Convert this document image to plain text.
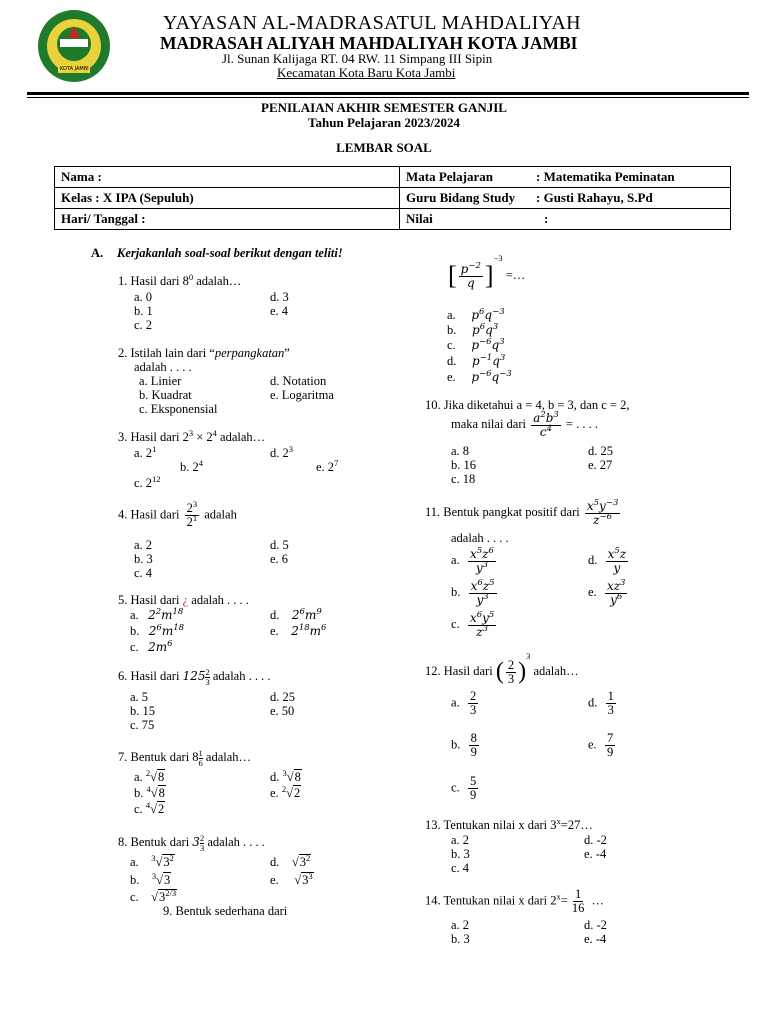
KOTA JAMBI
YAYASAN AL-MADRASATUL MAHDALIYAH
MADRASAH ALIYAH MAHDALIYAH KOTA JAMBI
Jl. Sunan Kalijaga RT. 04 RW. 11 Simpang III Sipin
Kecamatan Kota Baru Kota Jambi
PENILAIAN AKHIR SEMESTER GANJIL
Tahun Pelajaran 2023/2024
LEMBAR SOAL
Nama :	Mata Pelajaran : Matematika Peminatan
Kelas : X IPA (Sepuluh)	Guru Bidang Study : Gusti Rahayu, S.Pd
Hari/ Tanggal :	Nilai :
A. Kerjakanlah soal-soal berikut dengan teliti!
1. Hasil dari $8^0$ adalah…
a. 0
b. 1
c. 2
d. 3
e. 4
2. Istilah lain dari “perpangkatan”
adalah . . . .
a. Linier
b. Kuadrat
c. Eksponensial
d. Notation
e. Logaritma
3. Hasil dari $2^3 \times 2^4$ adalah…
a. $2^1$
b. $2^4$
c. $2^{12}$
d. $2^3$
e. $2^7$
4. Hasil dari $\frac{2^3}{2^1}$ adalah
a. 2
b. 3
c. 4
d. 5
e. 6
5. Hasil dari ¿ adalah . . . .
a.   $2^2m^{18}$
b.   $2^6m^{18}$
c.   $2m^6$
d.    $2^6m^9$
e.    $2^{18}m^6$
6. Hasil dari $125 \frac{2}{3}$ adalah . . . .
a. 5
b. 15
c. 75
d. 25
e. 50
7. Bentuk dari $8 \frac{1}{6}$ adalah…
a. $^2$√8
b. $^4$√8
c. $^4$√2
d. $^3$√8
e. $^2$√2
8. Bentuk dari $3 \frac{2}{3}$ adalah . . . .
a.    $^3√3^2$
b.    $^3$√3
c.    $√3^{2/3}$
d.    $√3^2$
e.     $√3^3$
9. Bentuk sederhana dari
[ $\frac{p^{-2}}{q} ]^{-3}$ =…
a.     $p^6q^{-3}$
b.     $p^6q^3$
c.     $p^{-6}q^3$
d.     $p^{-1}q^3$
e.     $p^{-6}q^{-3}$
10. Jika diketahui a = 4, b = 3, dan c = 2,
maka nilai dari $\frac{a^2b^3}{c^4}$ = . . . .
a. 8
b. 16
c. 18
d. 25
e. 27
11. Bentuk pangkat positif dari $\frac{x^5y^{-3}}{z^{-6}}$
adalah . . . .
a. $\frac{x^5z^6}{y^3}$
b. $\frac{x^6z^5}{y^3}$
c. $\frac{x^6y^5}{z^3}$
d. $\frac{x^5z}{y}$
e. $\frac{xz^3}{y^6}$
12. Hasil dari ( $\frac{2}{3} )^3$ adalah…
a. $\frac{2}{3}$
b. $\frac{8}{9}$
c. $\frac{5}{9}$
d. $\frac{1}{3}$
e. $\frac{7}{9}$
13. Tentukan nilai x dari $3^x=27\dots$
a. 2
b. 3
c. 4
d. -2
e. -4
14. Tentukan nilai x dari $2^x= \frac{1}{16}$ …
a. 2
b. 3
d. -2
e. -4
